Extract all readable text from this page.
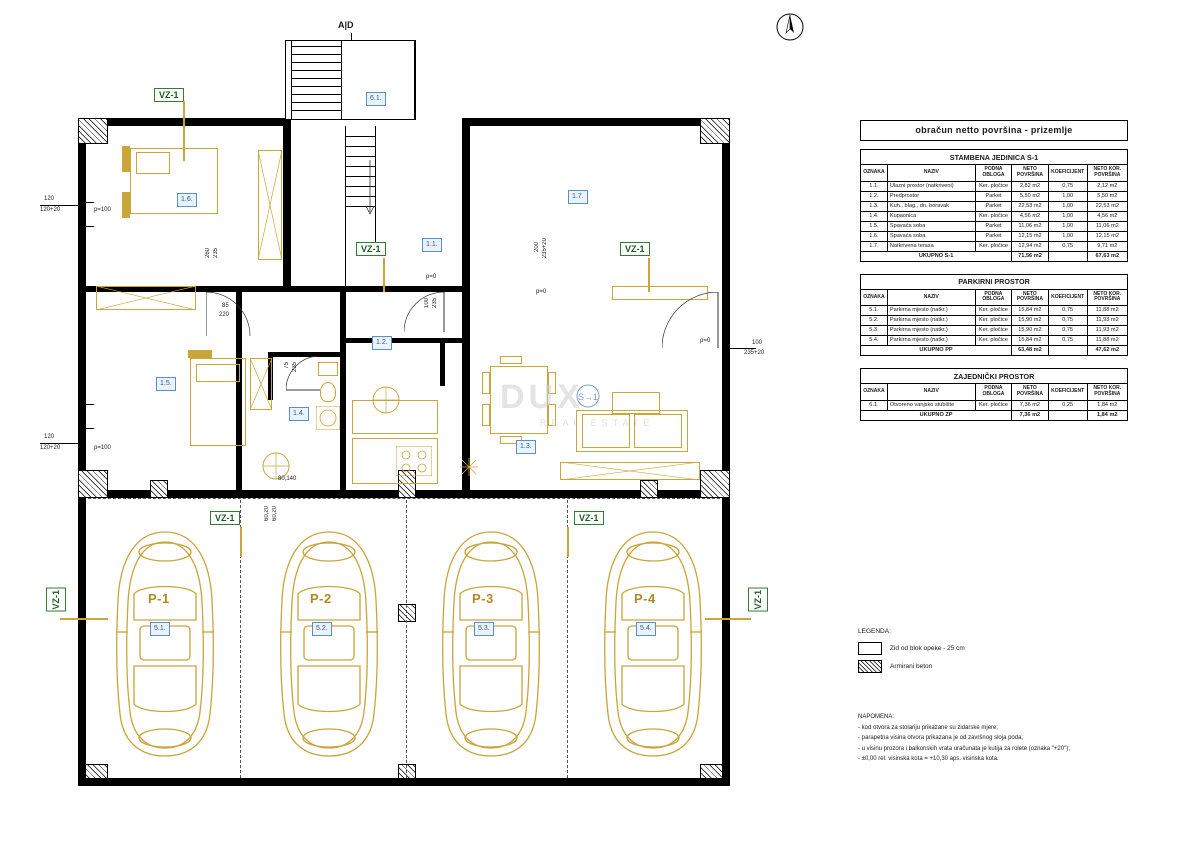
A|D
P-1	P-2	P-3	P-4
5.1.	5.2.	5.3.	5.4.
1.6.	1.7.
1.1.
1.2.
1.5.
1.4.
1.3.
6.1.
VZ-1
VZ-1	VZ-1
VZ-1	VZ-1
VZ-1	VZ-1
120
120+20	p=100
120
120+20	p=100
85
220
75 235
100 235
200 235+20
100
235+20
260 235
60,20 60,20
80,140
p=0
p=0
p=0
DUX
REAL ESTATE
S→1
obračun netto površina - prizemlje
STAMBENA JEDINICA S-1					
OZNAKA	NAZIV	PODNA OBLOGA	NETO POVRŠINA	KOEFICIJENT	NETO KOR. POVRŠINA
1.1.	Ulazni prostor (natkriveni)	Ker. pločice	2,82 m2	0,75	2,12 m2
1.2.	Predprostor	Parket	5,50 m2	1,00	5,50 m2
1.3.	Kuh., blag., dn. boravak	Parket	22,53 m2	1,00	22,53 m2
1.4.	Kupaonica	Ker. pločice	4,56 m2	1,00	4,56 m2
1.5.	Spavaća soba	Parket	11,06 m2	1,00	11,06 m2
1.6.	Spavaća soba	Parket	12,15 m2	1,00	12,15 m2
1.7.	Natkrivena terasa	Ker. pločice	12,94 m2	0,75	9,71 m2
UKUPNO S-1			71,56 m2		67,63 m2
PARKIRNI PROSTOR					
OZNAKA	NAZIV	PODNA OBLOGA	NETO POVRŠINA	KOEFICIJENT	NETO KOR. POVRŠINA
5.1.	Parkirna mjesto (natkr.)	Ker. pločice	15,84 m2	0,75	11,88 m2
5.2.	Parkirna mjesto (natkr.)	Ker. pločice	15,90 m2	0,75	11,93 m2
5.3.	Parkirna mjesto (natkr.)	Ker. pločice	15,90 m2	0,75	11,93 m2
5.4.	Parkirna mjesto (natkr.)	Ker. pločice	15,84 m2	0,75	11,88 m2
UKUPNO PP			63,48 m2		47,62 m2
ZAJEDNIČKI PROSTOR					
OZNAKA	NAZIV	PODNA OBLOGA	NETO POVRŠINA	KOEFICIJENT	NETO KOR. POVRŠINA
6.1.	Otvoreno vanjsko stubište	Ker. pločice	7,36 m2	0,25	1,84 m2
UKUPNO ZP			7,36 m2		1,84 m2
LEGENDA:
Zid od blok opeke - 25 cm
Armirani beton
NAPOMENA:
- kod otvora za stolariju prikazane su zidarske mjere;
- parapetna visina otvora prikazana je od završnog sloja poda;
- u visinu prozora i balkonskih vrata uračunata je kutija za rolete (oznaka "+20");
- ±0,00 rel. visinska kota = +10,30 aps. visinska kota.
